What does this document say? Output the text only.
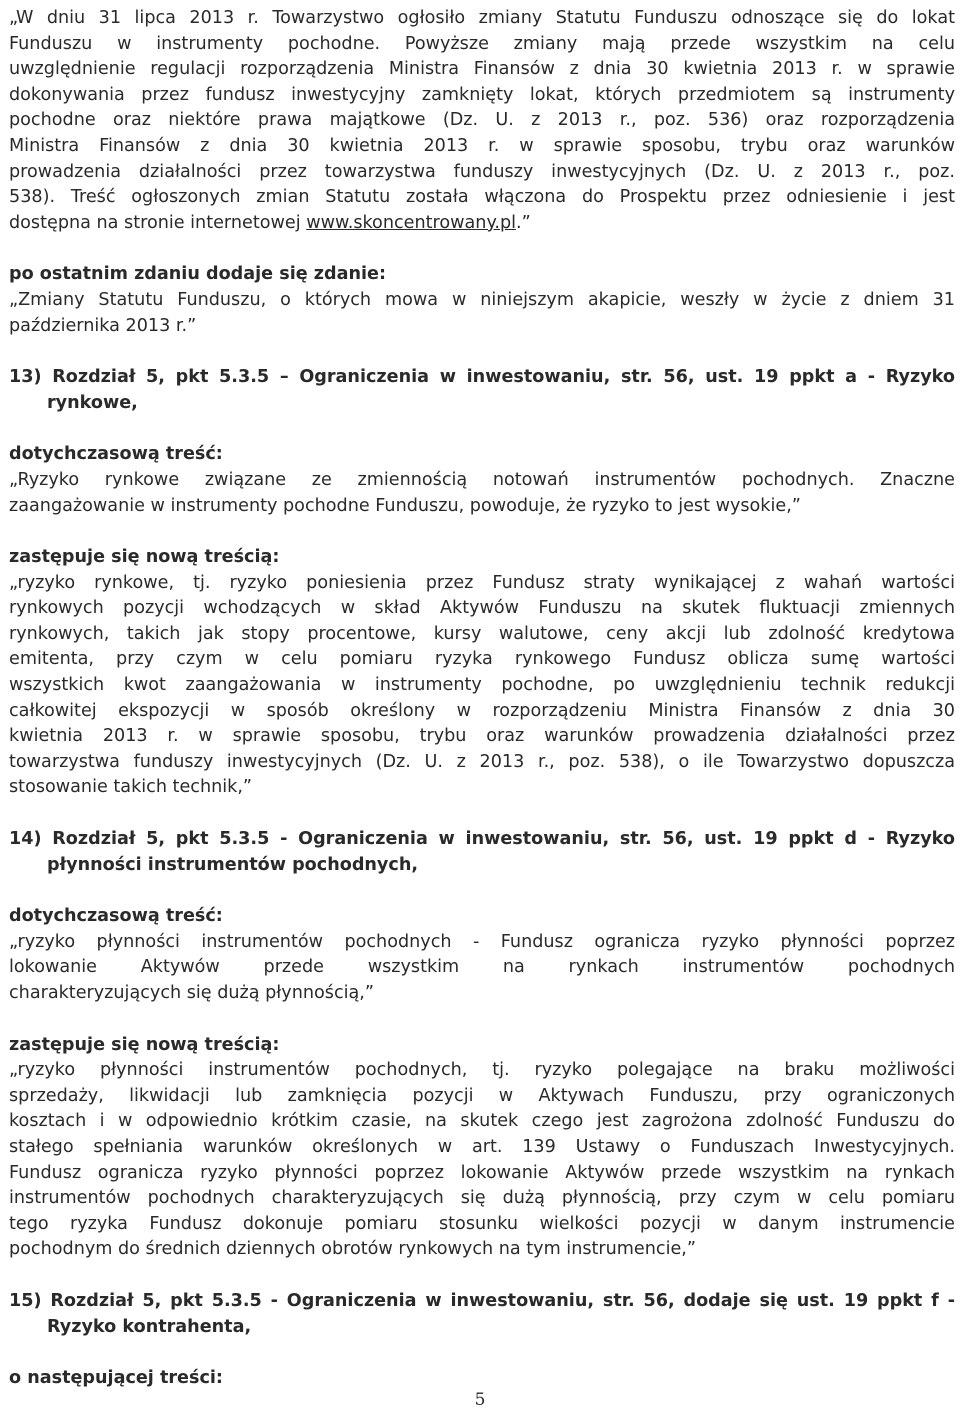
„W dniu 31 lipca 2013 r. Towarzystwo ogłosiło zmiany Statutu Funduszu odnoszące się do lokat

Funduszu w instrumenty pochodne. Powyższe zmiany mają przede wszystkim na celu

uwzględnienie regulacji rozporządzenia Ministra Finansów z dnia 30 kwietnia 2013 r. w sprawie

dokonywania przez fundusz inwestycyjny zamknięty lokat, których przedmiotem są instrumenty

pochodne oraz niektóre prawa majątkowe (Dz. U. z 2013 r., poz. 536) oraz rozporządzenia

Ministra Finansów z dnia 30 kwietnia 2013 r. w sprawie sposobu, trybu oraz warunków

prowadzenia działalności przez towarzystwa funduszy inwestycyjnych (Dz. U. z 2013 r., poz.

538). Treść ogłoszonych zmian Statutu została włączona do Prospektu przez odniesienie i jest

dostępna na stronie internetowej www.skoncentrowany.pl.”

po ostatnim zdaniu dodaje się zdanie:

„Zmiany Statutu Funduszu, o których mowa w niniejszym akapicie, weszły w życie z dniem 31

października 2013 r.”

13) Rozdział 5, pkt 5.3.5 – Ograniczenia w inwestowaniu, str. 56, ust. 19 ppkt a - Ryzyko

rynkowe,

dotychczasową treść:

„Ryzyko rynkowe związane ze zmiennością notowań instrumentów pochodnych. Znaczne

zaangażowanie w instrumenty pochodne Funduszu, powoduje, że ryzyko to jest wysokie,”

zastępuje się nową treścią:

„ryzyko rynkowe, tj. ryzyko poniesienia przez Fundusz straty wynikającej z wahań wartości

rynkowych pozycji wchodzących w skład Aktywów Funduszu na skutek fluktuacji zmiennych

rynkowych, takich jak stopy procentowe, kursy walutowe, ceny akcji lub zdolność kredytowa

emitenta, przy czym w celu pomiaru ryzyka rynkowego Fundusz oblicza sumę wartości

wszystkich kwot zaangażowania w instrumenty pochodne, po uwzględnieniu technik redukcji

całkowitej ekspozycji w sposób określony w rozporządzeniu Ministra Finansów z dnia 30

kwietnia 2013 r. w sprawie sposobu, trybu oraz warunków prowadzenia działalności przez

towarzystwa funduszy inwestycyjnych (Dz. U. z 2013 r., poz. 538), o ile Towarzystwo dopuszcza

stosowanie takich technik,”

14) Rozdział 5, pkt 5.3.5 - Ograniczenia w inwestowaniu, str. 56, ust. 19 ppkt d - Ryzyko

płynności instrumentów pochodnych,

dotychczasową treść:

„ryzyko płynności instrumentów pochodnych - Fundusz ogranicza ryzyko płynności poprzez

lokowanie Aktywów przede wszystkim na rynkach instrumentów pochodnych

charakteryzujących się dużą płynnością,”

zastępuje się nową treścią:

„ryzyko płynności instrumentów pochodnych, tj. ryzyko polegające na braku możliwości

sprzedaży, likwidacji lub zamknięcia pozycji w Aktywach Funduszu, przy ograniczonych

kosztach i w odpowiednio krótkim czasie, na skutek czego jest zagrożona zdolność Funduszu do

stałego spełniania warunków określonych w art. 139 Ustawy o Funduszach Inwestycyjnych.

Fundusz ogranicza ryzyko płynności poprzez lokowanie Aktywów przede wszystkim na rynkach

instrumentów pochodnych charakteryzujących się dużą płynnością, przy czym w celu pomiaru

tego ryzyka Fundusz dokonuje pomiaru stosunku wielkości pozycji w danym instrumencie

pochodnym do średnich dziennych obrotów rynkowych na tym instrumencie,”

15) Rozdział 5, pkt 5.3.5 - Ograniczenia w inwestowaniu, str. 56, dodaje się ust. 19 ppkt f -

Ryzyko kontrahenta,

o następującej treści:

5
